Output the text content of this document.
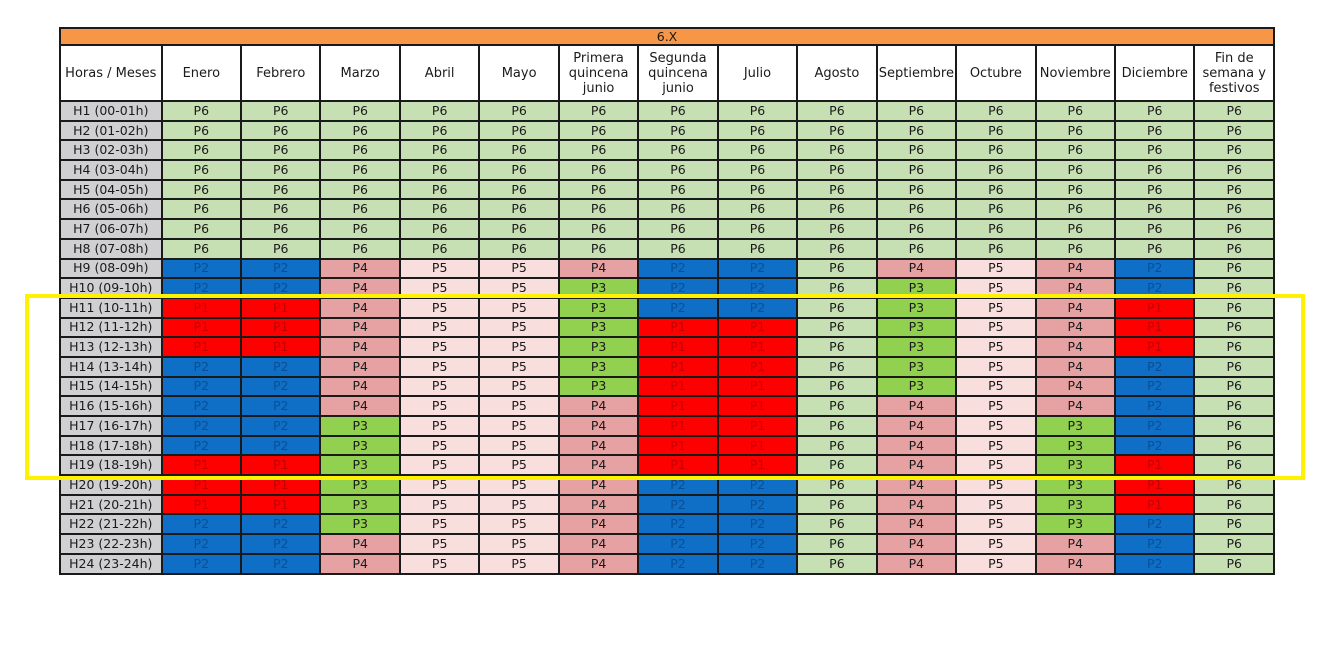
6.X														
Horas / Meses	Enero	Febrero	Marzo	Abril	Mayo	Primera quincena junio	Segunda quincena junio	Julio	Agosto	Septiembre	Octubre	Noviembre	Diciembre	Fin de semana y festivos
H1 (00-01h)	P6	P6	P6	P6	P6	P6	P6	P6	P6	P6	P6	P6	P6	P6
H2 (01-02h)	P6	P6	P6	P6	P6	P6	P6	P6	P6	P6	P6	P6	P6	P6
H3 (02-03h)	P6	P6	P6	P6	P6	P6	P6	P6	P6	P6	P6	P6	P6	P6
H4 (03-04h)	P6	P6	P6	P6	P6	P6	P6	P6	P6	P6	P6	P6	P6	P6
H5 (04-05h)	P6	P6	P6	P6	P6	P6	P6	P6	P6	P6	P6	P6	P6	P6
H6 (05-06h)	P6	P6	P6	P6	P6	P6	P6	P6	P6	P6	P6	P6	P6	P6
H7 (06-07h)	P6	P6	P6	P6	P6	P6	P6	P6	P6	P6	P6	P6	P6	P6
H8 (07-08h)	P6	P6	P6	P6	P6	P6	P6	P6	P6	P6	P6	P6	P6	P6
H9 (08-09h)	P2	P2	P4	P5	P5	P4	P2	P2	P6	P4	P5	P4	P2	P6
H10 (09-10h)	P2	P2	P4	P5	P5	P3	P2	P2	P6	P3	P5	P4	P2	P6
H11 (10-11h)	P1	P1	P4	P5	P5	P3	P2	P2	P6	P3	P5	P4	P1	P6
H12 (11-12h)	P1	P1	P4	P5	P5	P3	P1	P1	P6	P3	P5	P4	P1	P6
H13 (12-13h)	P1	P1	P4	P5	P5	P3	P1	P1	P6	P3	P5	P4	P1	P6
H14 (13-14h)	P2	P2	P4	P5	P5	P3	P1	P1	P6	P3	P5	P4	P2	P6
H15 (14-15h)	P2	P2	P4	P5	P5	P3	P1	P1	P6	P3	P5	P4	P2	P6
H16 (15-16h)	P2	P2	P4	P5	P5	P4	P1	P1	P6	P4	P5	P4	P2	P6
H17 (16-17h)	P2	P2	P3	P5	P5	P4	P1	P1	P6	P4	P5	P3	P2	P6
H18 (17-18h)	P2	P2	P3	P5	P5	P4	P1	P1	P6	P4	P5	P3	P2	P6
H19 (18-19h)	P1	P1	P3	P5	P5	P4	P1	P1	P6	P4	P5	P3	P1	P6
H20 (19-20h)	P1	P1	P3	P5	P5	P4	P2	P2	P6	P4	P5	P3	P1	P6
H21 (20-21h)	P1	P1	P3	P5	P5	P4	P2	P2	P6	P4	P5	P3	P1	P6
H22 (21-22h)	P2	P2	P3	P5	P5	P4	P2	P2	P6	P4	P5	P3	P2	P6
H23 (22-23h)	P2	P2	P4	P5	P5	P4	P2	P2	P6	P4	P5	P4	P2	P6
H24 (23-24h)	P2	P2	P4	P5	P5	P4	P2	P2	P6	P4	P5	P4	P2	P6
